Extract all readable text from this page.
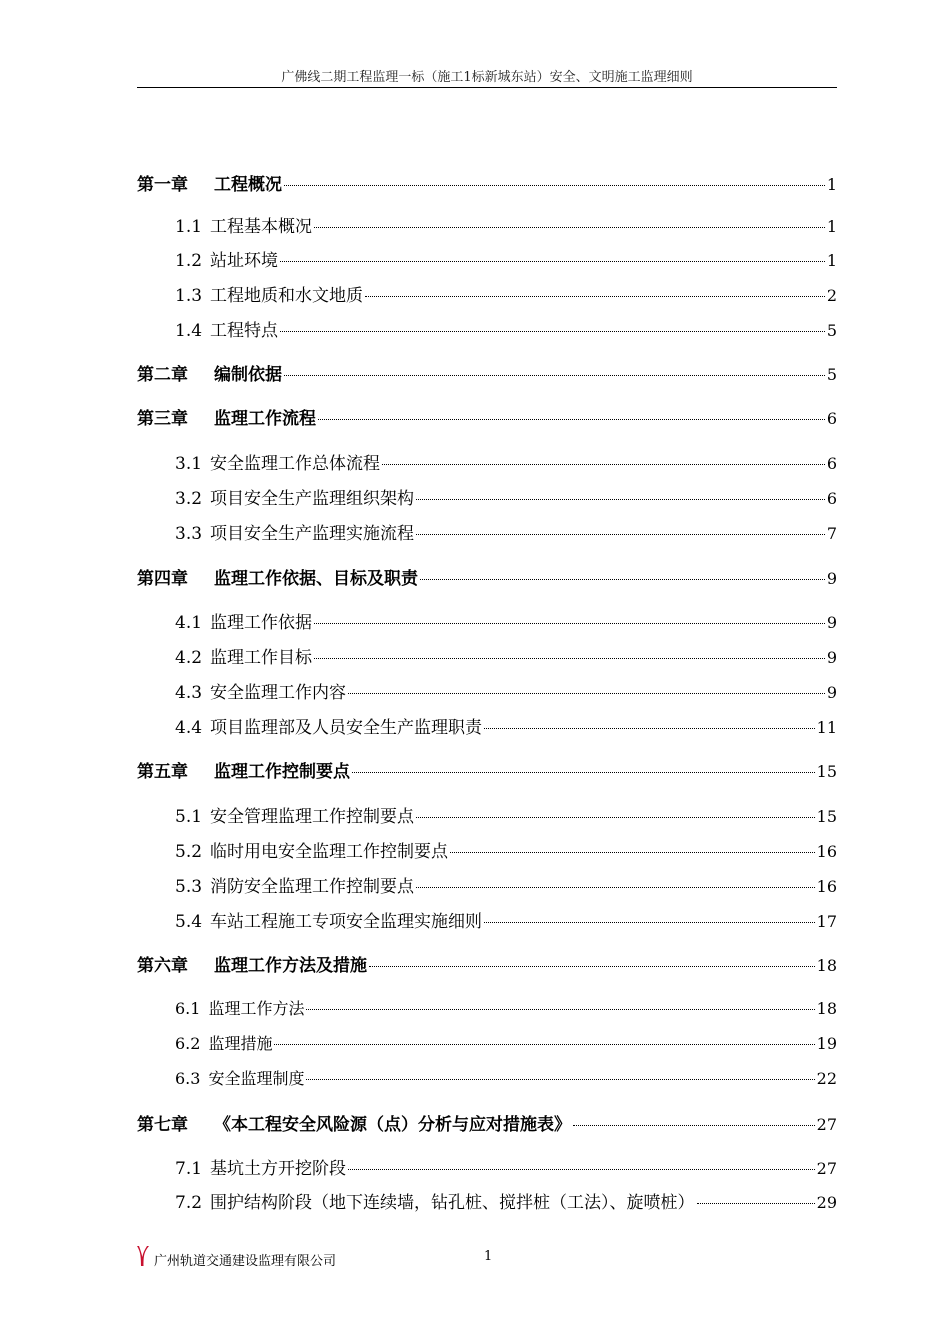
广佛线二期工程监理一标（施工1标新城东站）安全、文明施工监理细则
第一章	工程概况	1
1.1 工程基本概况	1
1.2 站址环境	1
1.3 工程地质和水文地质	2
1.4 工程特点	5
第二章	编制依据	5
第三章	监理工作流程	6
3.1 安全监理工作总体流程	6
3.2 项目安全生产监理组织架构	6
3.3 项目安全生产监理实施流程	7
第四章	监理工作依据、目标及职责	9
4.1 监理工作依据	9
4.2 监理工作目标	9
4.3 安全监理工作内容	9
4.4 项目监理部及人员安全生产监理职责	11
第五章	监理工作控制要点	15
5.1 安全管理监理工作控制要点	15
5.2 临时用电安全监理工作控制要点	16
5.3 消防安全监理工作控制要点	16
5.4 车站工程施工专项安全监理实施细则	17
第六章	监理工作方法及措施	18
6.1 监理工作方法	18
6.2 监理措施	19
6.3 安全监理制度	22
第七章	《本工程安全风险源（点）分析与应对措施表》	27
7.1 基坑土方开挖阶段	27
7.2 围护结构阶段（地下连续墙，钻孔桩、搅拌桩（工法）、旋喷桩）	29
广州轨道交通建设监理有限公司	1
